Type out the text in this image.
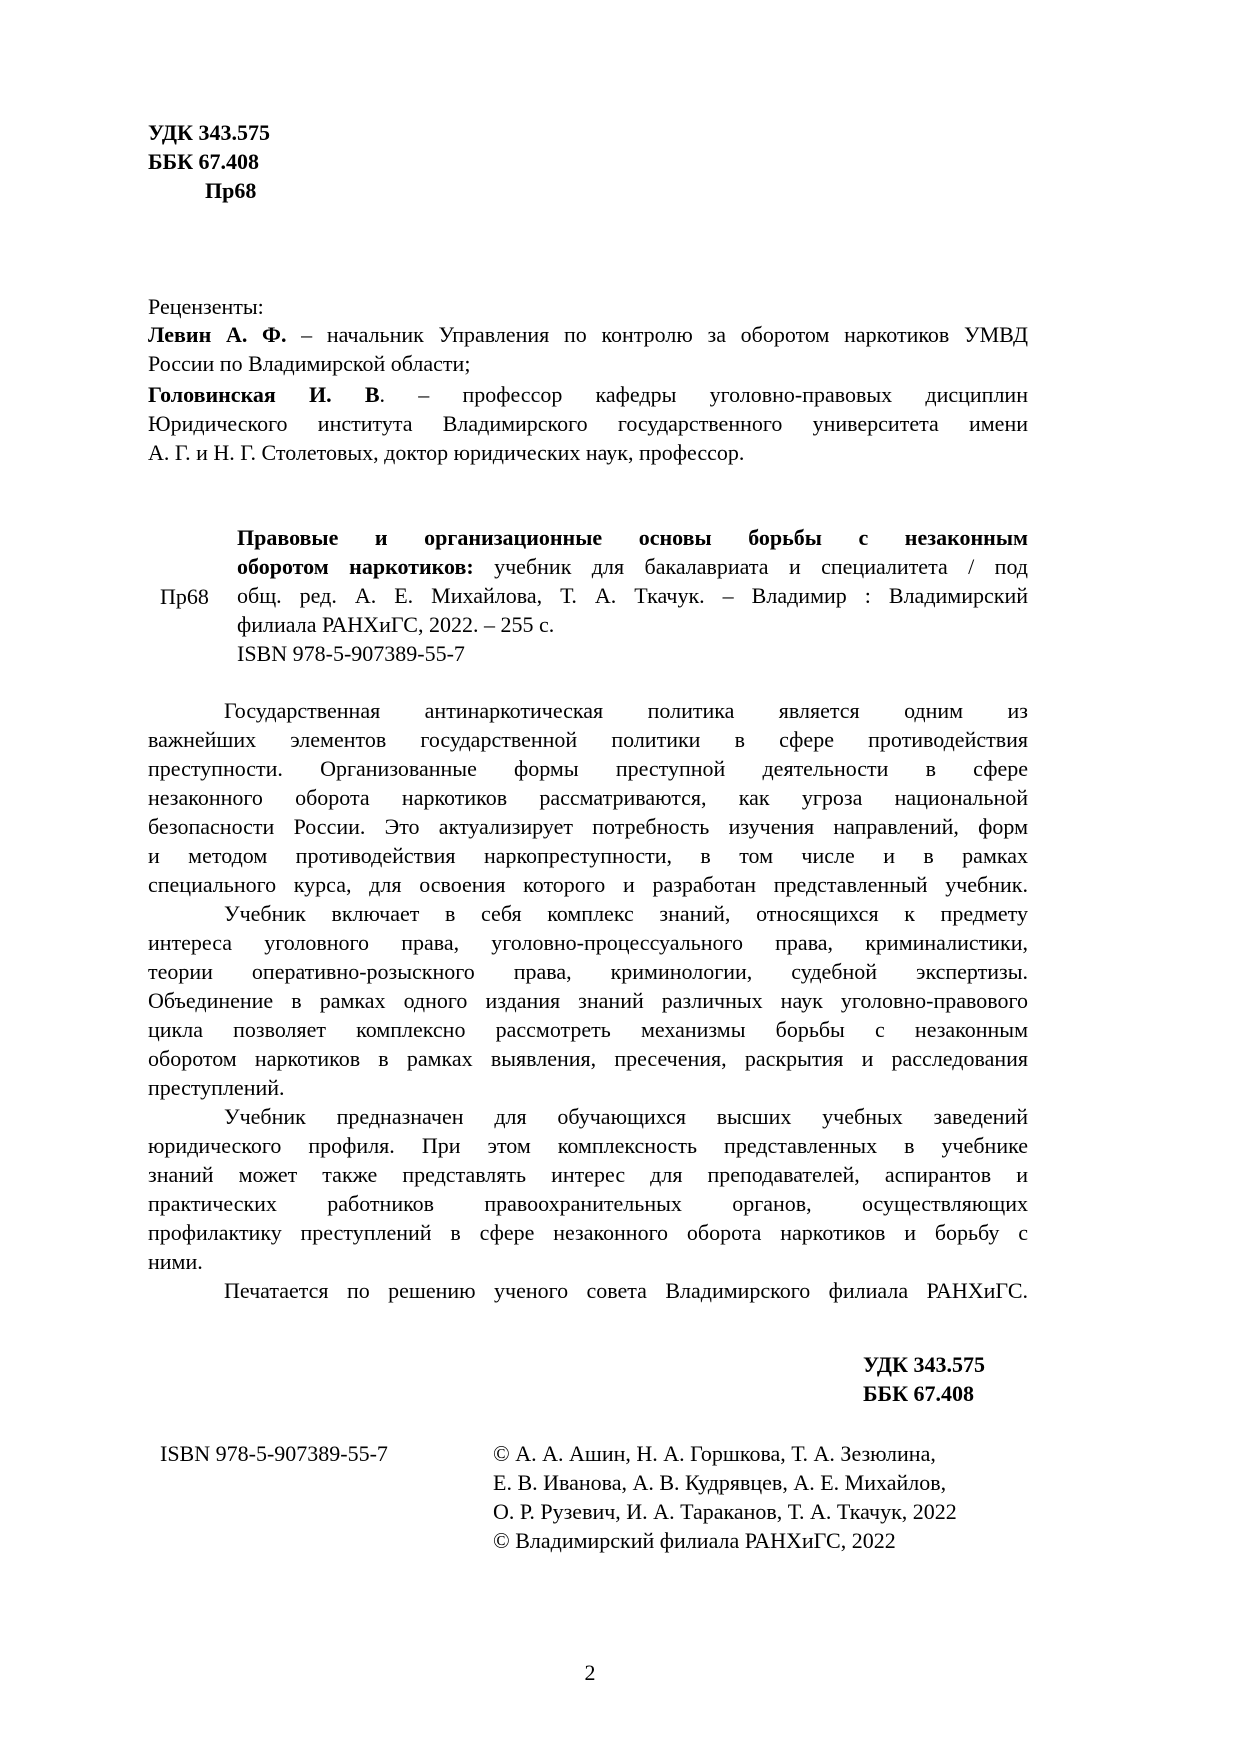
УДК 343.575
ББК 67.408
Пр68
Рецензенты:
Левин А. Ф. – начальник Управления по контролю за оборотом наркотиков УМВД
России по Владимирской области;
Головинская И. В. – профессор кафедры уголовно-правовых дисциплин
Юридического института Владимирского государственного университета имени
А. Г. и Н. Г. Столетовых, доктор юридических наук, профессор.
Пр68
Правовые и организационные основы борьбы с незаконным
оборотом наркотиков: учебник для бакалавриата и специалитета / под
общ. ред. А. Е. Михайлова, Т. А. Ткачук. – Владимир : Владимирский
филиала РАНХиГС, 2022. – 255 с.
ISBN 978-5-907389-55-7
Государственная антинаркотическая политика является одним из
важнейших элементов государственной политики в сфере противодействия
преступности. Организованные формы преступной деятельности в сфере
незаконного оборота наркотиков рассматриваются, как угроза национальной
безопасности России. Это актуализирует потребность изучения направлений, форм
и методом противодействия наркопреступности, в том числе и в рамках
специального курса, для освоения которого и разработан представленный учебник.
Учебник включает в себя комплекс знаний, относящихся к предмету
интереса уголовного права, уголовно-процессуального права, криминалистики,
теории оперативно-розыскного права, криминологии, судебной экспертизы.
Объединение в рамках одного издания знаний различных наук уголовно-правового
цикла позволяет комплексно рассмотреть механизмы борьбы с незаконным
оборотом наркотиков в рамках выявления, пресечения, раскрытия и расследования
преступлений.
Учебник предназначен для обучающихся высших учебных заведений
юридического профиля. При этом комплексность представленных в учебнике
знаний может также представлять интерес для преподавателей, аспирантов и
практических работников правоохранительных органов, осуществляющих
профилактику преступлений в сфере незаконного оборота наркотиков и борьбу с
ними.
Печатается по решению ученого совета Владимирского филиала РАНХиГС.
УДК 343.575
ББК 67.408
ISBN 978-5-907389-55-7	© А. А. Ашин, Н. А. Горшкова, Т. А. Зезюлина,
Е. В. Иванова, А. В. Кудрявцев, А. Е. Михайлов,
О. Р. Рузевич, И. А. Тараканов, Т. А. Ткачук, 2022
© Владимирский филиала РАНХиГС, 2022
2
